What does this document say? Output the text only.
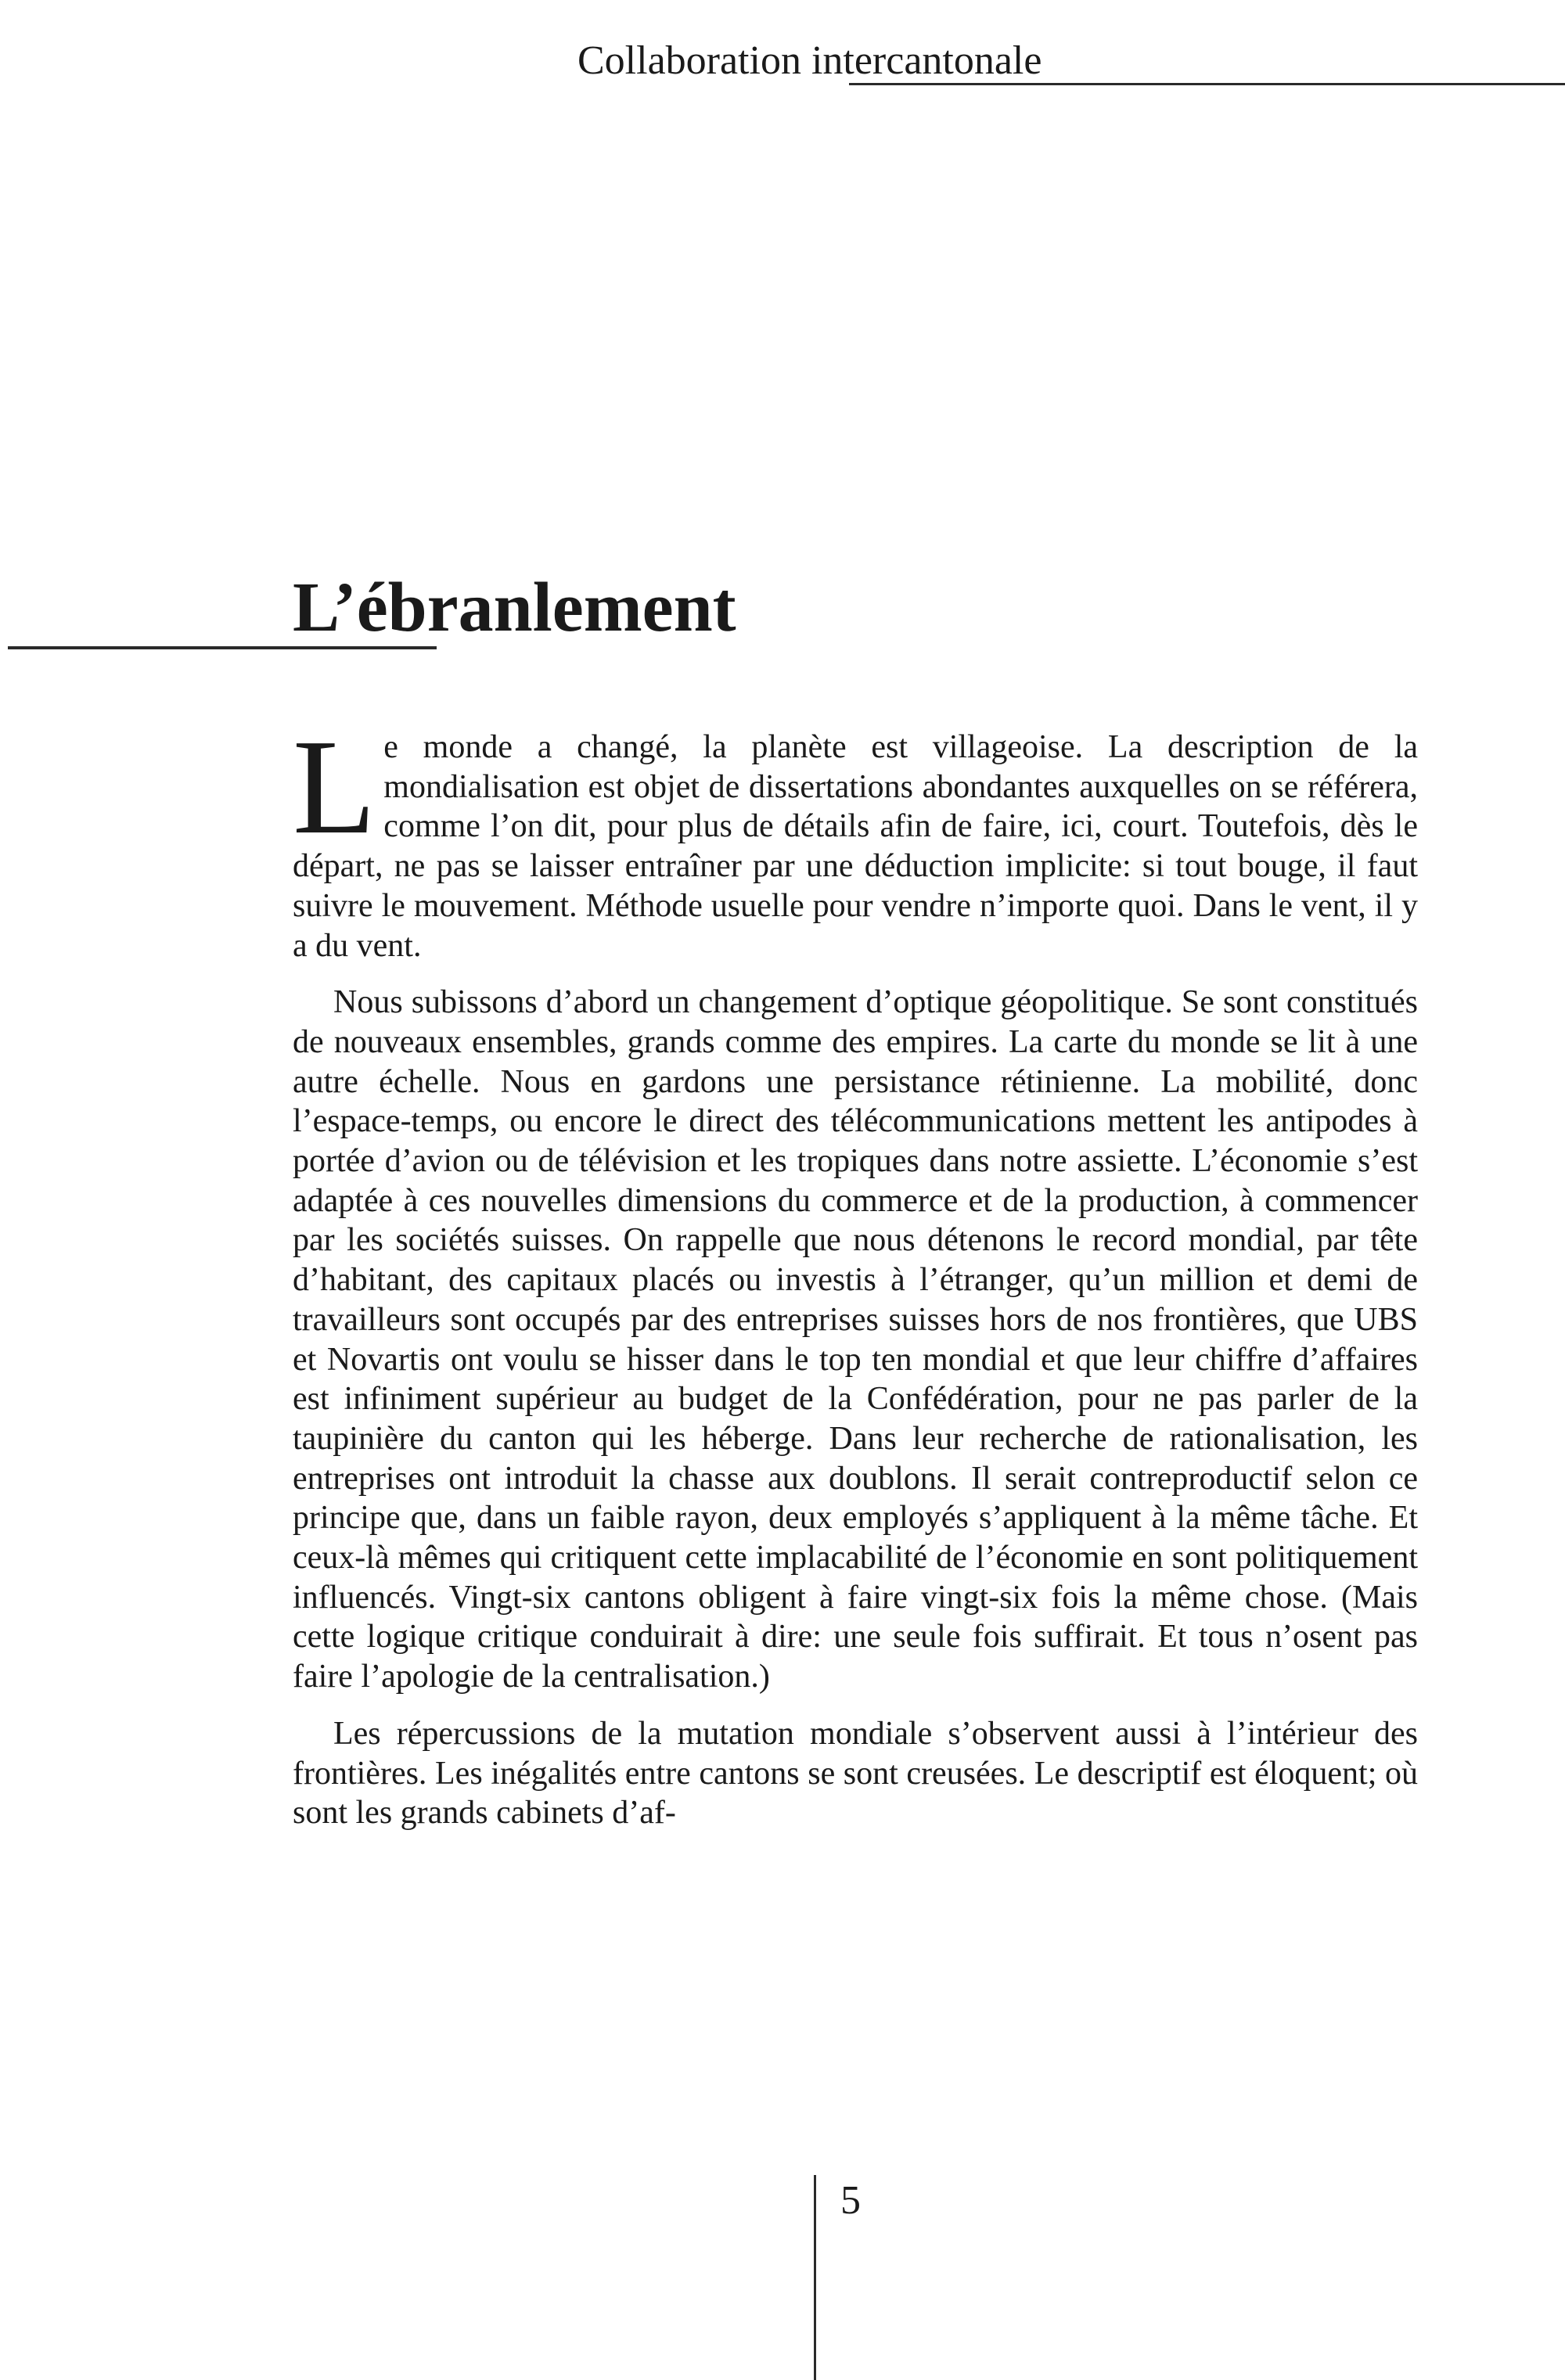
Collaboration intercantonale
L’ébranlement

Le monde a changé, la planète est villageoise. La description de la mondialisation est objet de dissertations abondantes auxquelles on se référera, comme l’on dit, pour plus de détails afin de faire, ici, court. Toutefois, dès le départ, ne pas se laisser entraîner par une déduction implicite: si tout bouge, il faut suivre le mouvement. Méthode usuelle pour vendre n’importe quoi. Dans le vent, il y a du vent.

Nous subissons d’abord un changement d’optique géopolitique. Se sont constitués de nouveaux ensembles, grands comme des empires. La carte du monde se lit à une autre échelle. Nous en gardons une persistance rétinienne. La mobilité, donc l’espace-temps, ou encore le direct des télécommunications mettent les antipodes à portée d’avion ou de télévision et les tropiques dans notre assiette. L’économie s’est adaptée à ces nouvelles dimensions du commerce et de la production, à commencer par les sociétés suisses. On rappelle que nous détenons le record mondial, par tête d’habitant, des capitaux placés ou investis à l’étranger, qu’un million et demi de travailleurs sont occupés par des entreprises suisses hors de nos frontières, que UBS et Novartis ont voulu se hisser dans le top ten mondial et que leur chiffre d’affaires est infiniment supérieur au budget de la Confédération, pour ne pas parler de la taupinière du canton qui les héberge. Dans leur recherche de rationalisation, les entreprises ont introduit la chasse aux doublons. Il serait contreproductif selon ce principe que, dans un faible rayon, deux employés s’appliquent à la même tâche. Et ceux-là mêmes qui critiquent cette implacabilité de l’économie en sont politiquement influencés. Vingt-six cantons obligent à faire vingt-six fois la même chose. (Mais cette logique critique conduirait à dire: une seule fois suffirait. Et tous n’osent pas faire l’apologie de la centralisation.)

Les répercussions de la mutation mondiale s’observent aussi à l’intérieur des frontières. Les inégalités entre cantons se sont creusées. Le descriptif est éloquent; où sont les grands cabinets d’af-

5
